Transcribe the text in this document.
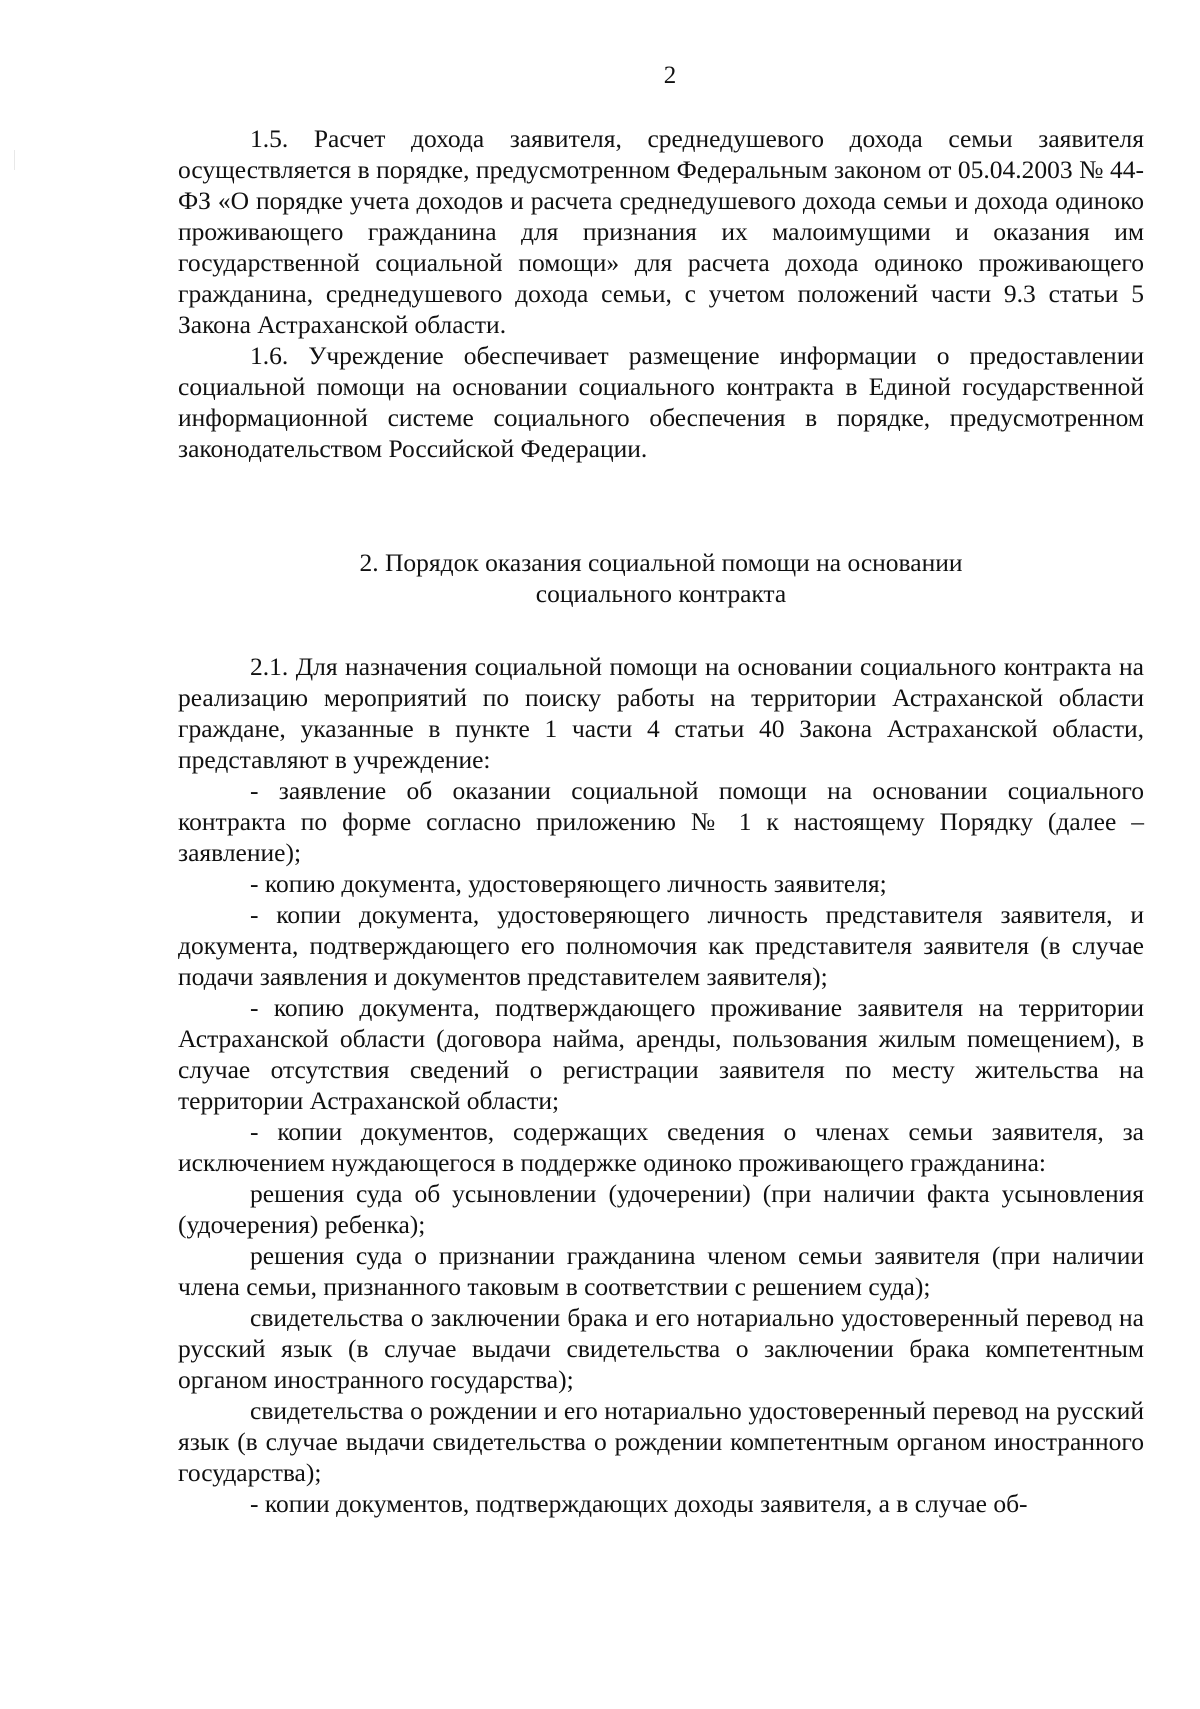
2

1.5. Расчет дохода заявителя, среднедушевого дохода семьи заявителя осуществляется в порядке, предусмотренном Федеральным законом от 05.04.2003 № 44-ФЗ «О порядке учета доходов и расчета среднедушевого дохода семьи и дохода одиноко проживающего гражданина для признания их малоимущими и оказания им государственной социальной помощи» для расчета дохода одиноко проживающего гражданина, среднедушевого дохода семьи, с учетом положений части 9.3 статьи 5 Закона Астраханской области.

1.6. Учреждение обеспечивает размещение информации о предоставлении социальной помощи на основании социального контракта в Единой государственной информационной системе социального обеспечения в порядке, предусмотренном законодательством Российской Федерации.

2. Порядок оказания социальной помощи на основании

социального контракта

2.1. Для назначения социальной помощи на основании социального контракта на реализацию мероприятий по поиску работы на территории Астраханской области граждане, указанные в пункте 1 части 4 статьи 40 Закона Астраханской области, представляют в учреждение:

- заявление об оказании социальной помощи на основании социального контракта по форме согласно приложению № 1 к настоящему Порядку (далее – заявление);

- копию документа, удостоверяющего личность заявителя;

- копии документа, удостоверяющего личность представителя заявителя, и документа, подтверждающего его полномочия как представителя заявителя (в случае подачи заявления и документов представителем заявителя);

- копию документа, подтверждающего проживание заявителя на территории Астраханской области (договора найма, аренды, пользования жилым помещением), в случае отсутствия сведений о регистрации заявителя по месту жительства на территории Астраханской области;

- копии документов, содержащих сведения о членах семьи заявителя, за исключением нуждающегося в поддержке одиноко проживающего гражданина:

решения суда об усыновлении (удочерении) (при наличии факта усыновления (удочерения) ребенка);

решения суда о признании гражданина членом семьи заявителя (при наличии члена семьи, признанного таковым в соответствии с решением суда);

свидетельства о заключении брака и его нотариально удостоверенный перевод на русский язык (в случае выдачи свидетельства о заключении брака компетентным органом иностранного государства);

свидетельства о рождении и его нотариально удостоверенный перевод на русский язык (в случае выдачи свидетельства о рождении компетентным органом иностранного государства);

- копии документов, подтверждающих доходы заявителя, а в случае об-
